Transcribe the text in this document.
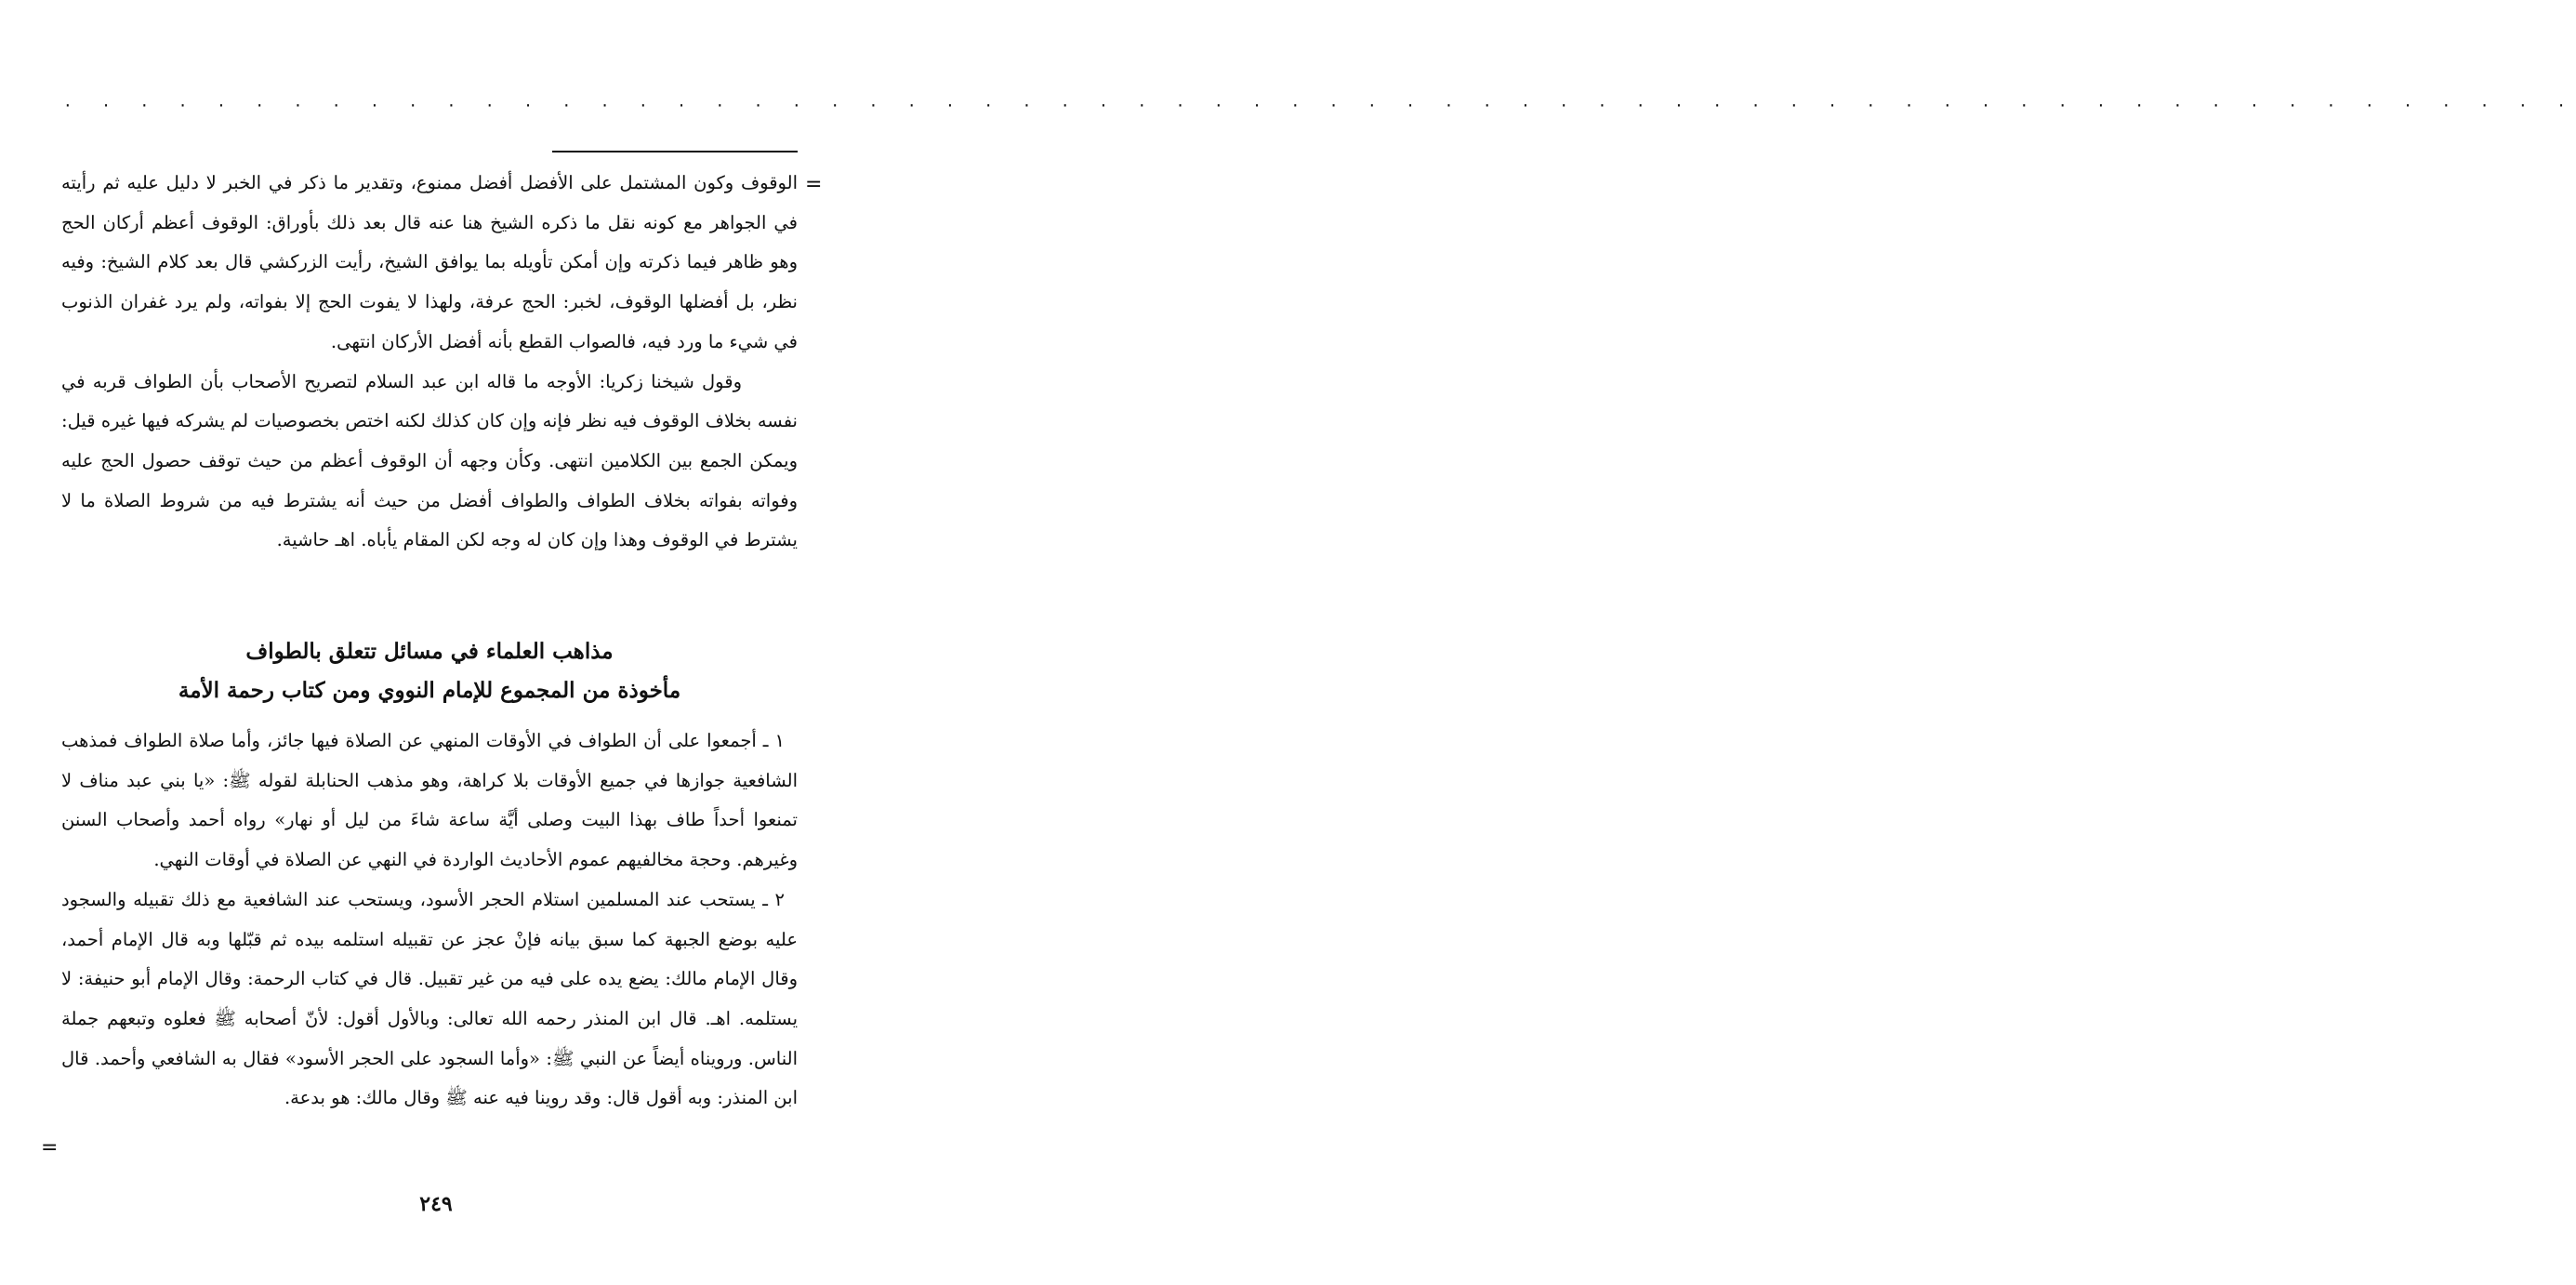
· · · · · · · · · · · · · · · · · · · · · · · · · · · · · · · · · · · · · · · · · · · · · · · · · · · · · · · · · · · · · · · · · ·
=

الوقوف وكون المشتمل على الأفضل أفضل ممنوع، وتقدير ما ذكر في الخبر لا دليل عليه ثم رأيته في الجواهر مع كونه نقل ما ذكره الشيخ هنا عنه قال بعد ذلك بأوراق: الوقوف أعظم أركان الحج وهو ظاهر فيما ذكرته وإن أمكن تأويله بما يوافق الشيخ، رأيت الزركشي قال بعد كلام الشيخ: وفيه نظر، بل أفضلها الوقوف، لخبر: الحج عرفة، ولهذا لا يفوت الحج إلا بفواته، ولم يرد غفران الذنوب في شيء ما ورد فيه، فالصواب القطع بأنه أفضل الأركان انتهى.

وقول شيخنا زكريا: الأوجه ما قاله ابن عبد السلام لتصريح الأصحاب بأن الطواف قربه في نفسه بخلاف الوقوف فيه نظر فإنه وإن كان كذلك لكنه اختص بخصوصيات لم يشركه فيها غيره قيل: ويمكن الجمع بين الكلامين انتهى. وكأن وجهه أن الوقوف أعظم من حيث توقف حصول الحج عليه وفواته بفواته بخلاف الطواف والطواف أفضل من حيث أنه يشترط فيه من شروط الصلاة ما لا يشترط في الوقوف وهذا وإن كان له وجه لكن المقام يأباه. اهـ حاشية.

مذاهب العلماء في مسائل تتعلق بالطواف
مأخوذة من المجموع للإمام النووي ومن كتاب رحمة الأمة

١ ـ أجمعوا على أن الطواف في الأوقات المنهي عن الصلاة فيها جائز، وأما صلاة الطواف فمذهب الشافعية جوازها في جميع الأوقات بلا كراهة، وهو مذهب الحنابلة لقوله ﷺ: «يا بني عبد مناف لا تمنعوا أحداً طاف بهذا البيت وصلى أيَّة ساعة شاءَ من ليل أو نهار» رواه أحمد وأصحاب السنن وغيرهم. وحجة مخالفيهم عموم الأحاديث الواردة في النهي عن الصلاة في أوقات النهي.

٢ ـ يستحب عند المسلمين استلام الحجر الأسود، ويستحب عند الشافعية مع ذلك تقبيله والسجود عليه بوضع الجبهة كما سبق بيانه فإنْ عجز عن تقبيله استلمه بيده ثم قبّلها وبه قال الإمام أحمد، وقال الإمام مالك: يضع يده على فيه من غير تقبيل. قال في كتاب الرحمة: وقال الإمام أبو حنيفة: لا يستلمه. اهـ. قال ابن المنذر رحمه الله تعالى: وبالأول أقول: لأنّ أصحابه ﷺ فعلوه وتبعهم جملة الناس. ورويناه أيضاً عن النبي ﷺ: «وأما السجود على الحجر الأسود» فقال به الشافعي وأحمد. قال ابن المنذر: وبه أقول قال: وقد روينا فيه عنه ﷺ وقال مالك: هو بدعة.

=
٢٤٩
